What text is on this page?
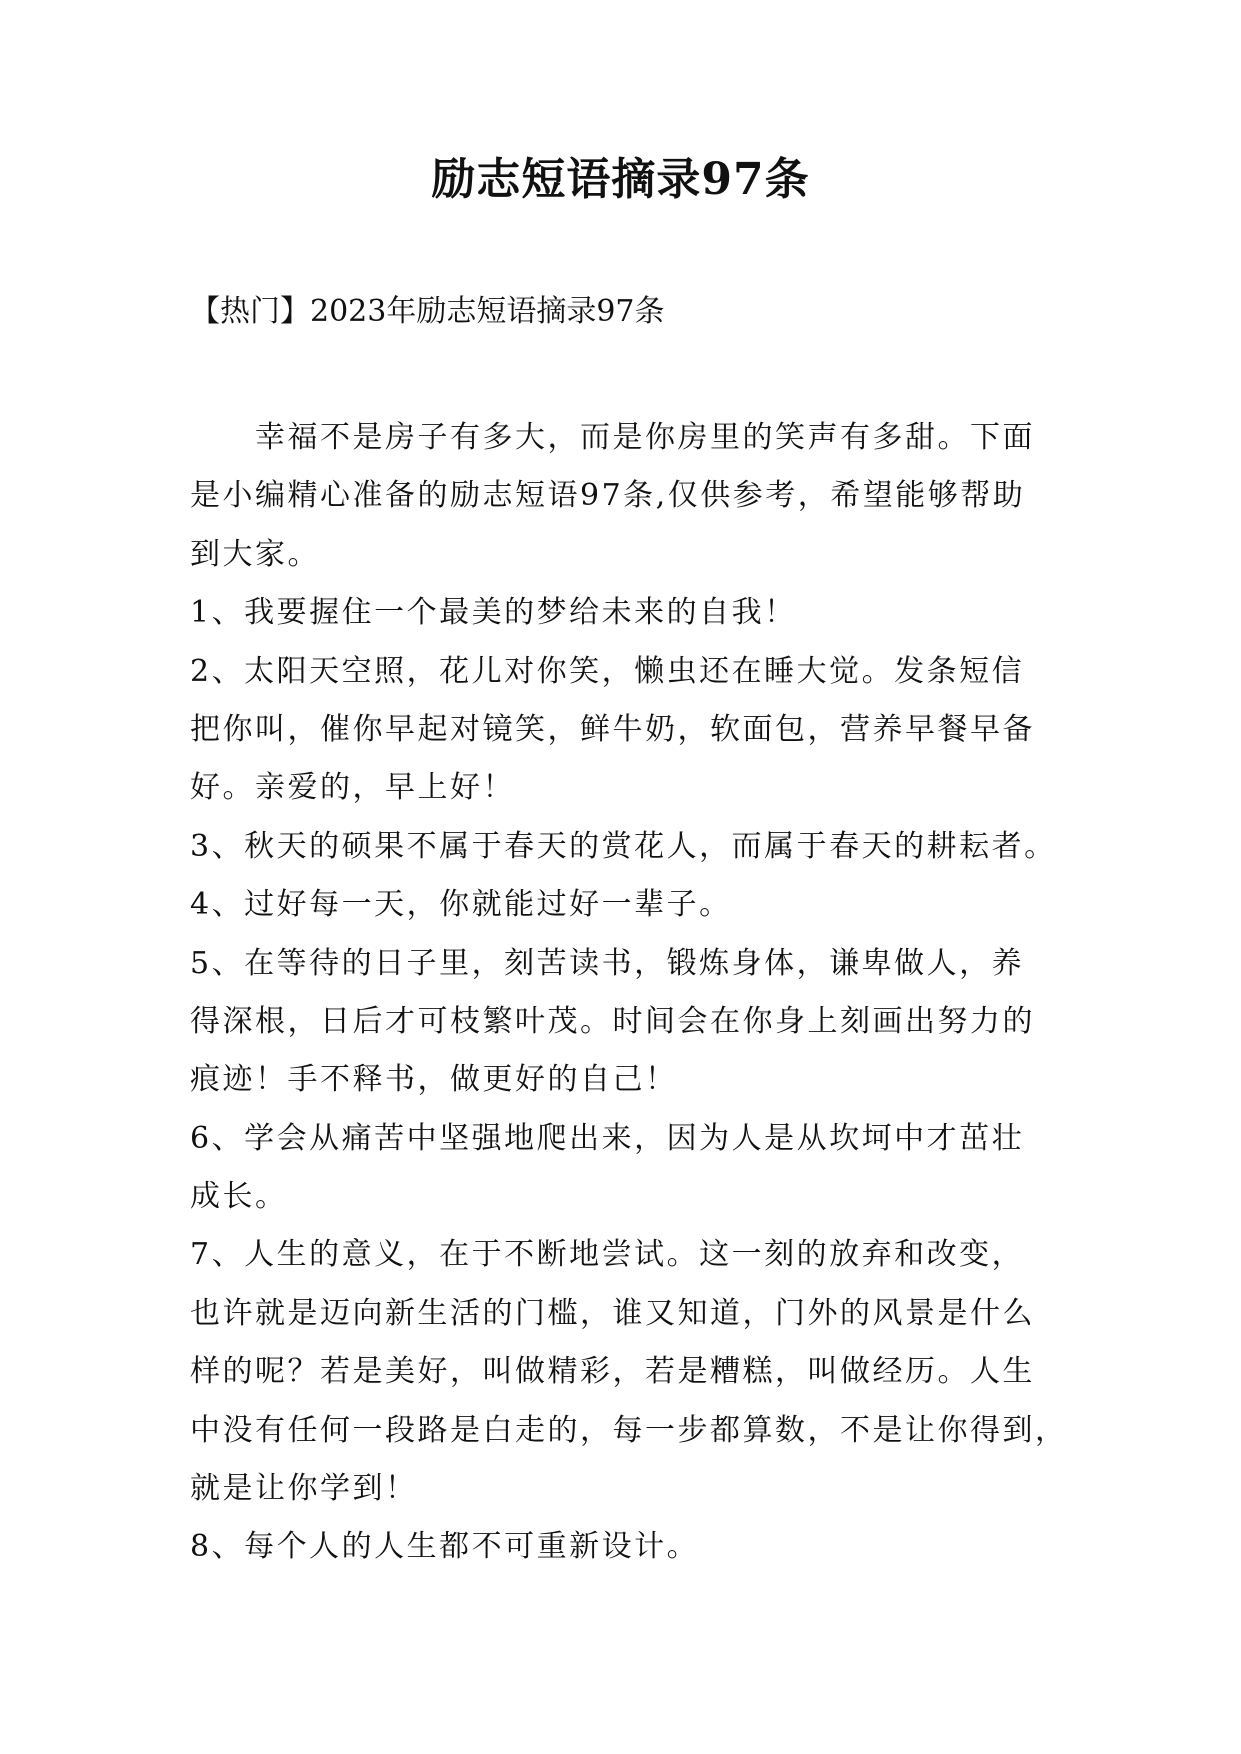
励志短语摘录97条
【热门】2023年励志短语摘录97条
　　幸福不是房子有多大，而是你房里的笑声有多甜。下面
是小编精心准备的励志短语97条,仅供参考，希望能够帮助
到大家。
1、我要握住一个最美的梦给未来的自我！
2、太阳天空照，花儿对你笑，懒虫还在睡大觉。发条短信
把你叫，催你早起对镜笑，鲜牛奶，软面包，营养早餐早备
好。亲爱的，早上好！
3、秋天的硕果不属于春天的赏花人，而属于春天的耕耘者。
4、过好每一天，你就能过好一辈子。
5、在等待的日子里，刻苦读书，锻炼身体，谦卑做人，养
得深根，日后才可枝繁叶茂。时间会在你身上刻画出努力的
痕迹！手不释书，做更好的自己！
6、学会从痛苦中坚强地爬出来，因为人是从坎坷中才茁壮
成长。
7、人生的意义，在于不断地尝试。这一刻的放弃和改变，
也许就是迈向新生活的门槛，谁又知道，门外的风景是什么
样的呢？若是美好，叫做精彩，若是糟糕，叫做经历。人生
中没有任何一段路是白走的，每一步都算数，不是让你得到，
就是让你学到！
8、每个人的人生都不可重新设计。
